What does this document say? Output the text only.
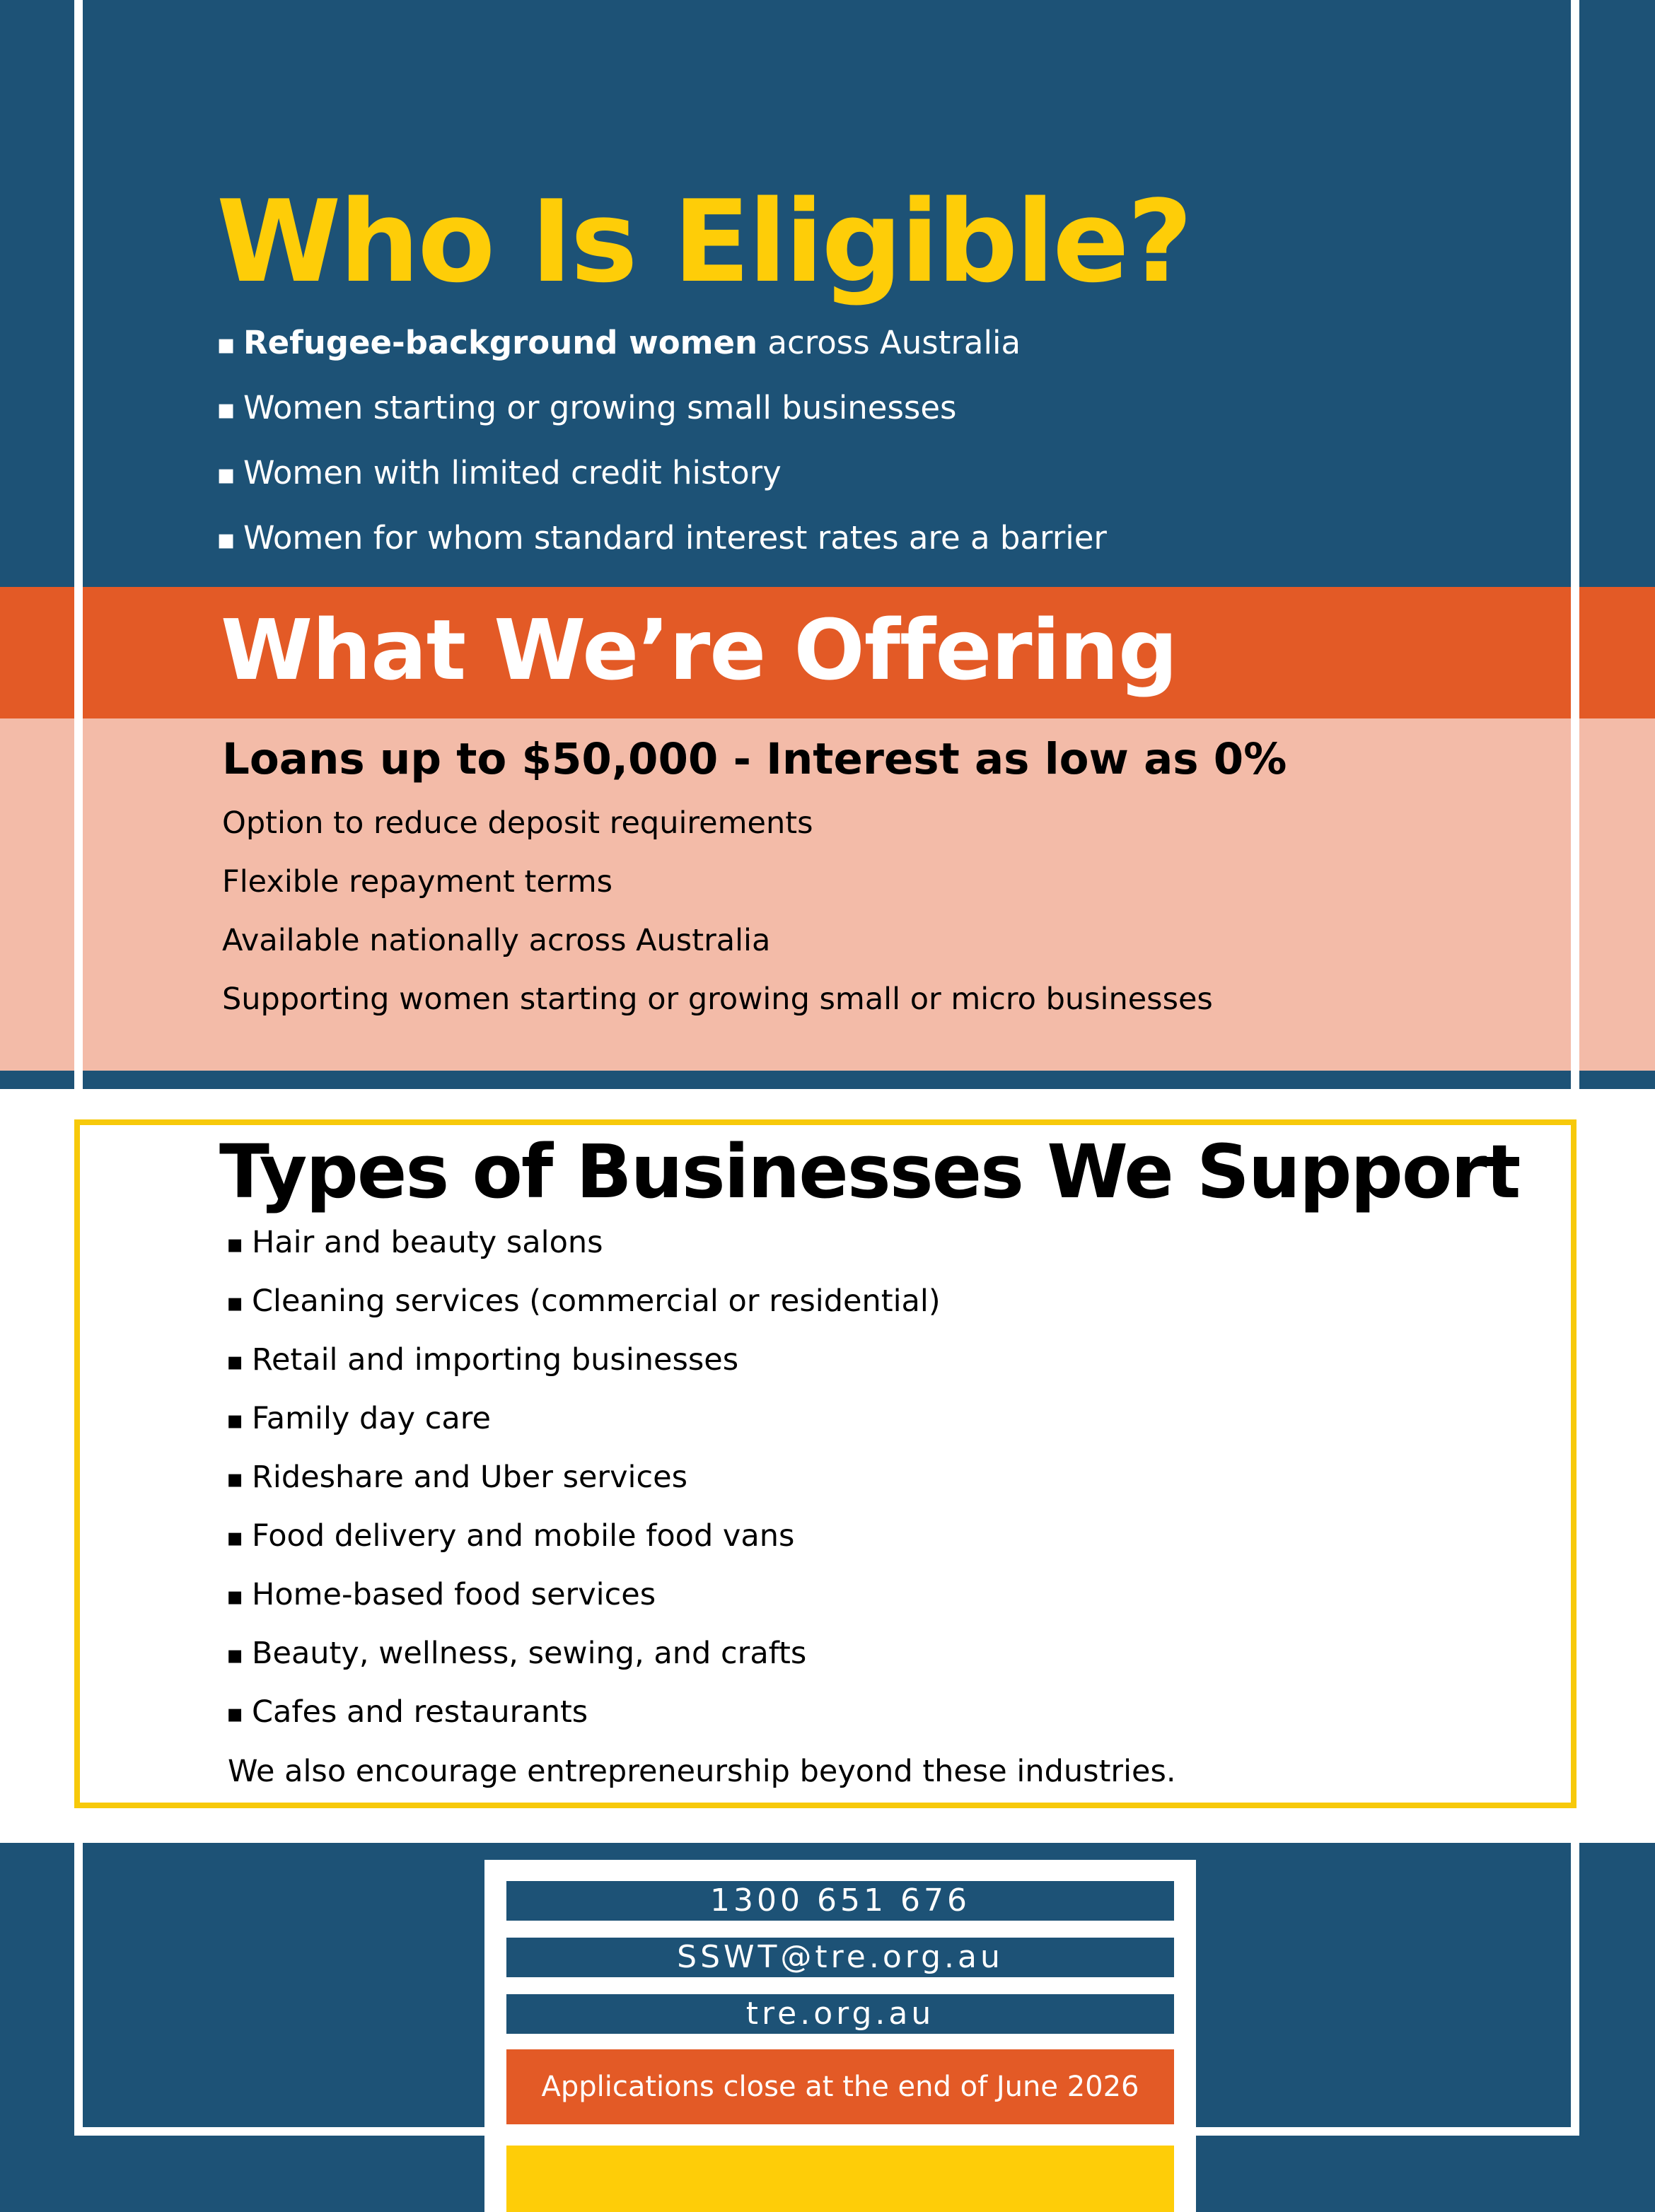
Who Is Eligible?
▪ Refugee-background women across Australia
▪ Women starting or growing small businesses
▪ Women with limited credit history
▪ Women for whom standard interest rates are a barrier
What We’re Offering
Loans up to $50,000 - Interest as low as 0%
Option to reduce deposit requirements
Flexible repayment terms
Available nationally across Australia
Supporting women starting or growing small or micro businesses
Types of Businesses We Support
▪ Hair and beauty salons
▪ Cleaning services (commercial or residential)
▪ Retail and importing businesses
▪ Family day care
▪ Rideshare and Uber services
▪ Food delivery and mobile food vans
▪ Home-based food services
▪ Beauty, wellness, sewing, and crafts
▪ Cafes and restaurants
We also encourage entrepreneurship beyond these industries.
1300 651 676
SSWT@tre.org.au
tre.org.au
Applications close at the end of June 2026
